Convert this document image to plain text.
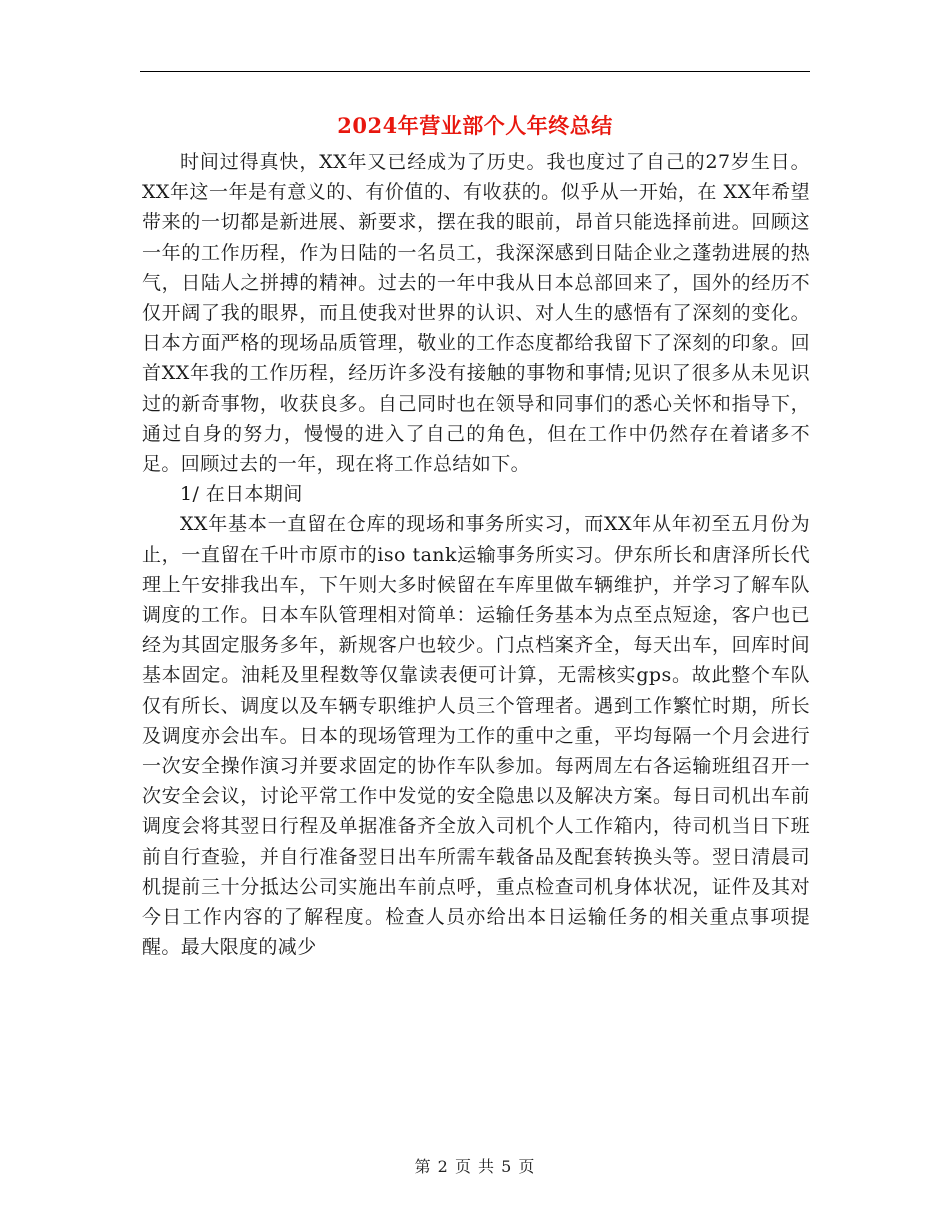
2024年营业部个人年终总结

时间过得真快，XX年又已经成为了历史。我也度过了自己的27岁生日。XX年这一年是有意义的、有价值的、有收获的。似乎从一开始，在 XX年希望带来的一切都是新进展、新要求，摆在我的眼前，昂首只能选择前进。回顾这一年的工作历程，作为日陆的一名员工，我深深感到日陆企业之蓬勃进展的热气，日陆人之拼搏的精神。过去的一年中我从日本总部回来了，国外的经历不仅开阔了我的眼界，而且使我对世界的认识、对人生的感悟有了深刻的变化。日本方面严格的现场品质管理，敬业的工作态度都给我留下了深刻的印象。回首XX年我的工作历程，经历许多没有接触的事物和事情;见识了很多从未见识过的新奇事物，收获良多。自己同时也在领导和同事们的悉心关怀和指导下，通过自身的努力，慢慢的进入了自己的角色，但在工作中仍然存在着诸多不足。回顾过去的一年，现在将工作总结如下。

1/ 在日本期间

XX年基本一直留在仓库的现场和事务所实习，而XX年从年初至五月份为止，一直留在千叶市原市的iso tank运输事务所实习。伊东所长和唐泽所长代理上午安排我出车，下午则大多时候留在车库里做车辆维护，并学习了解车队调度的工作。日本车队管理相对简单：运输任务基本为点至点短途，客户也已经为其固定服务多年，新规客户也较少。门点档案齐全，每天出车，回库时间基本固定。油耗及里程数等仅靠读表便可计算，无需核实gps。故此整个车队仅有所长、调度以及车辆专职维护人员三个管理者。遇到工作繁忙时期，所长及调度亦会出车。日本的现场管理为工作的重中之重，平均每隔一个月会进行一次安全操作演习并要求固定的协作车队参加。每两周左右各运输班组召开一次安全会议，讨论平常工作中发觉的安全隐患以及解决方案。每日司机出车前调度会将其翌日行程及单据准备齐全放入司机个人工作箱内，待司机当日下班前自行查验，并自行准备翌日出车所需车载备品及配套转换头等。翌日清晨司机提前三十分抵达公司实施出车前点呼，重点检查司机身体状况，证件及其对今日工作内容的了解程度。检查人员亦给出本日运输任务的相关重点事项提醒。最大限度的减少

第 2 页 共 5 页
